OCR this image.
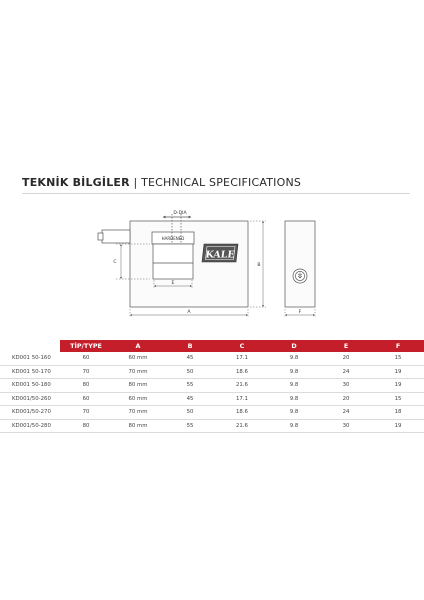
TEKNİK BİLGİLER | TECHNICAL SPECIFICATIONS
D-DIA
HARDENED
KALE
A
E
B
C
F
	TİP/TYPE	A	B	C	D	E	F
KD001 50-160	60	60 mm	45	17.1	9.8	20	15
KD001 50-170	70	70 mm	50	18.6	9.8	24	19
KD001 50-180	80	80 mm	55	21.6	9.8	30	19
KD001/50-260	60	60 mm	45	17.1	9.8	20	15
KD001/50-270	70	70 mm	50	18.6	9.8	24	18
KD001/50-280	80	80 mm	55	21.6	9.8	30	19
